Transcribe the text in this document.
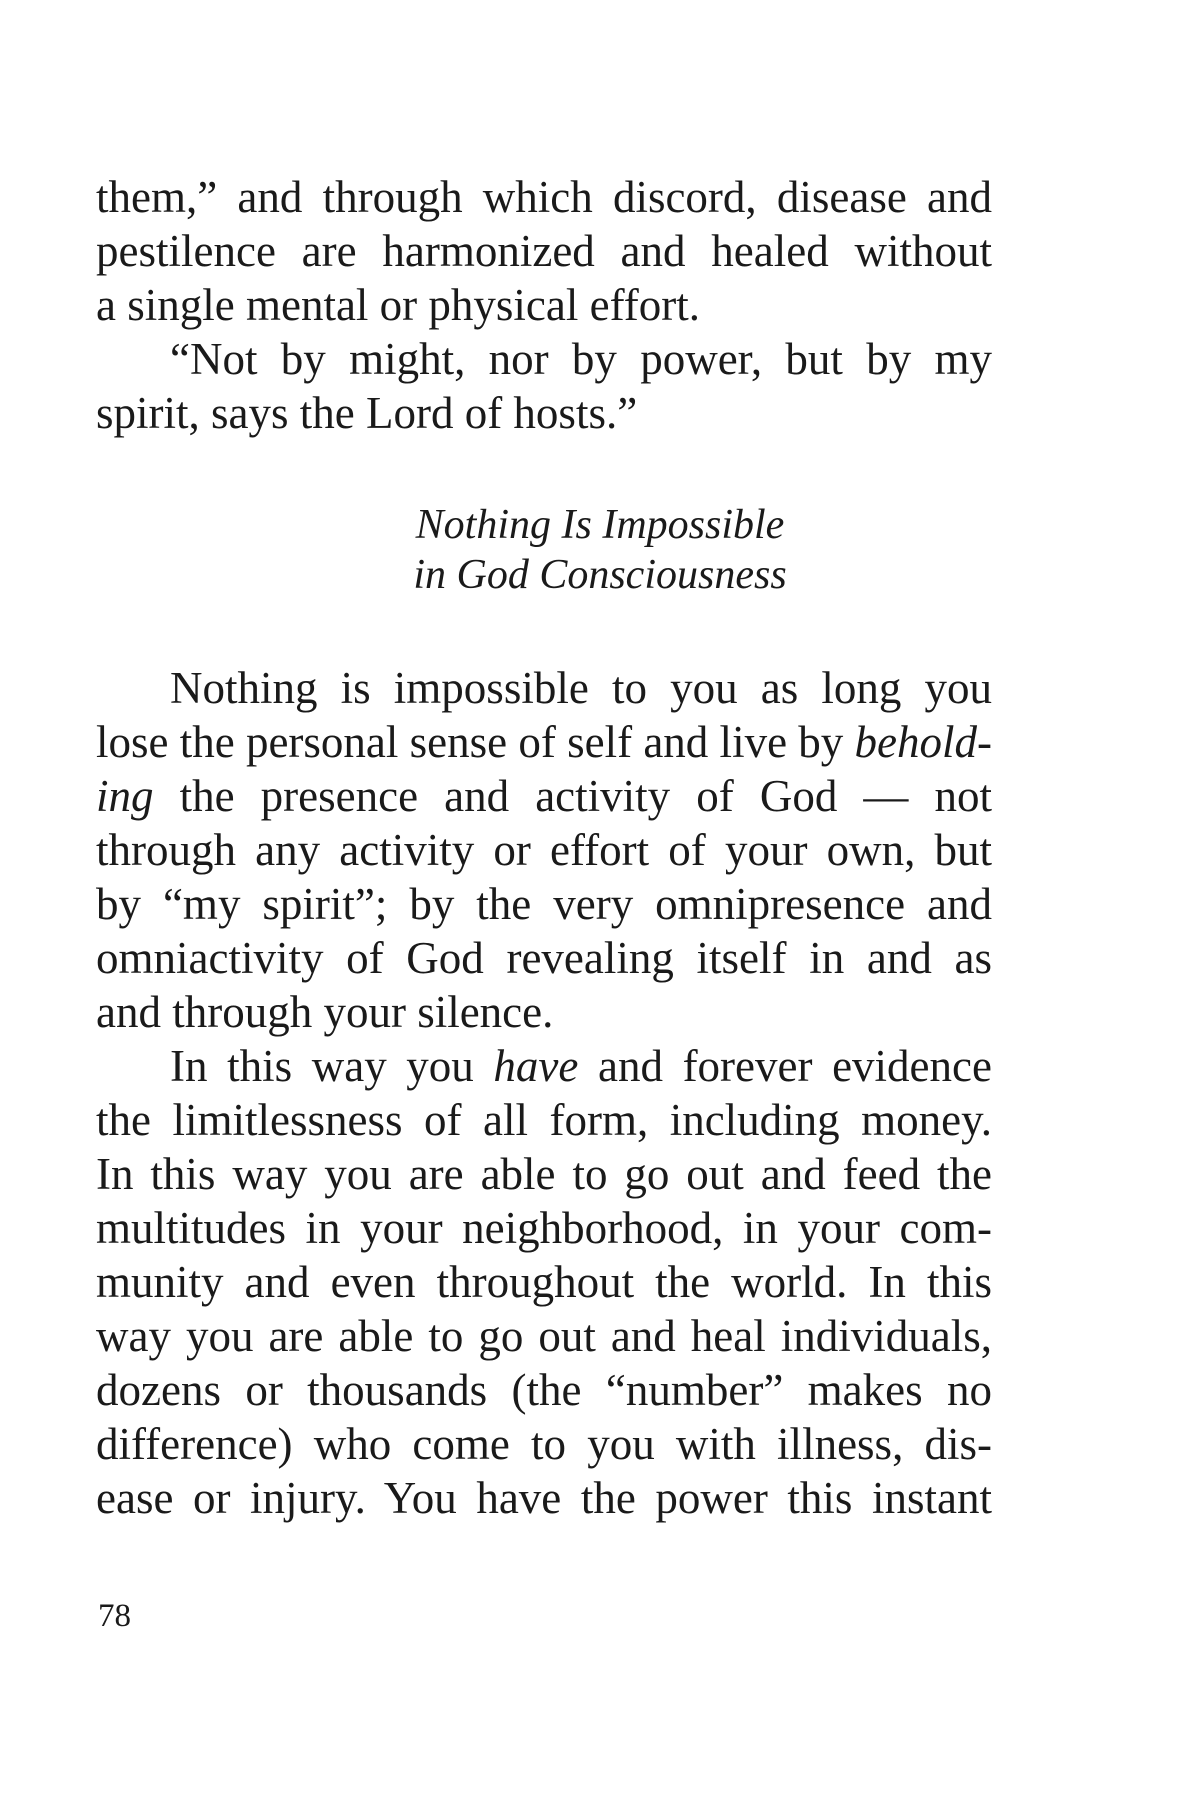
them,” and through which discord, disease and
pestilence are harmonized and healed without
a single mental or physical effort.
“Not by might, nor by power, but by my
spirit, says the Lord of hosts.”
Nothing Is Impossible
in God Consciousness
Nothing is impossible to you as long you
lose the personal sense of self and live by behold-
ing the presence and activity of God — not
through any activity or effort of your own, but
by “my spirit”; by the very omnipresence and
omniactivity of God revealing itself in and as
and through your silence.
In this way you have and forever evidence
the limitlessness of all form, including money.
In this way you are able to go out and feed the
multitudes in your neighborhood, in your com-
munity and even throughout the world. In this
way you are able to go out and heal individuals,
dozens or thousands (the “number” makes no
difference) who come to you with illness, dis-
ease or injury. You have the power this instant
78
